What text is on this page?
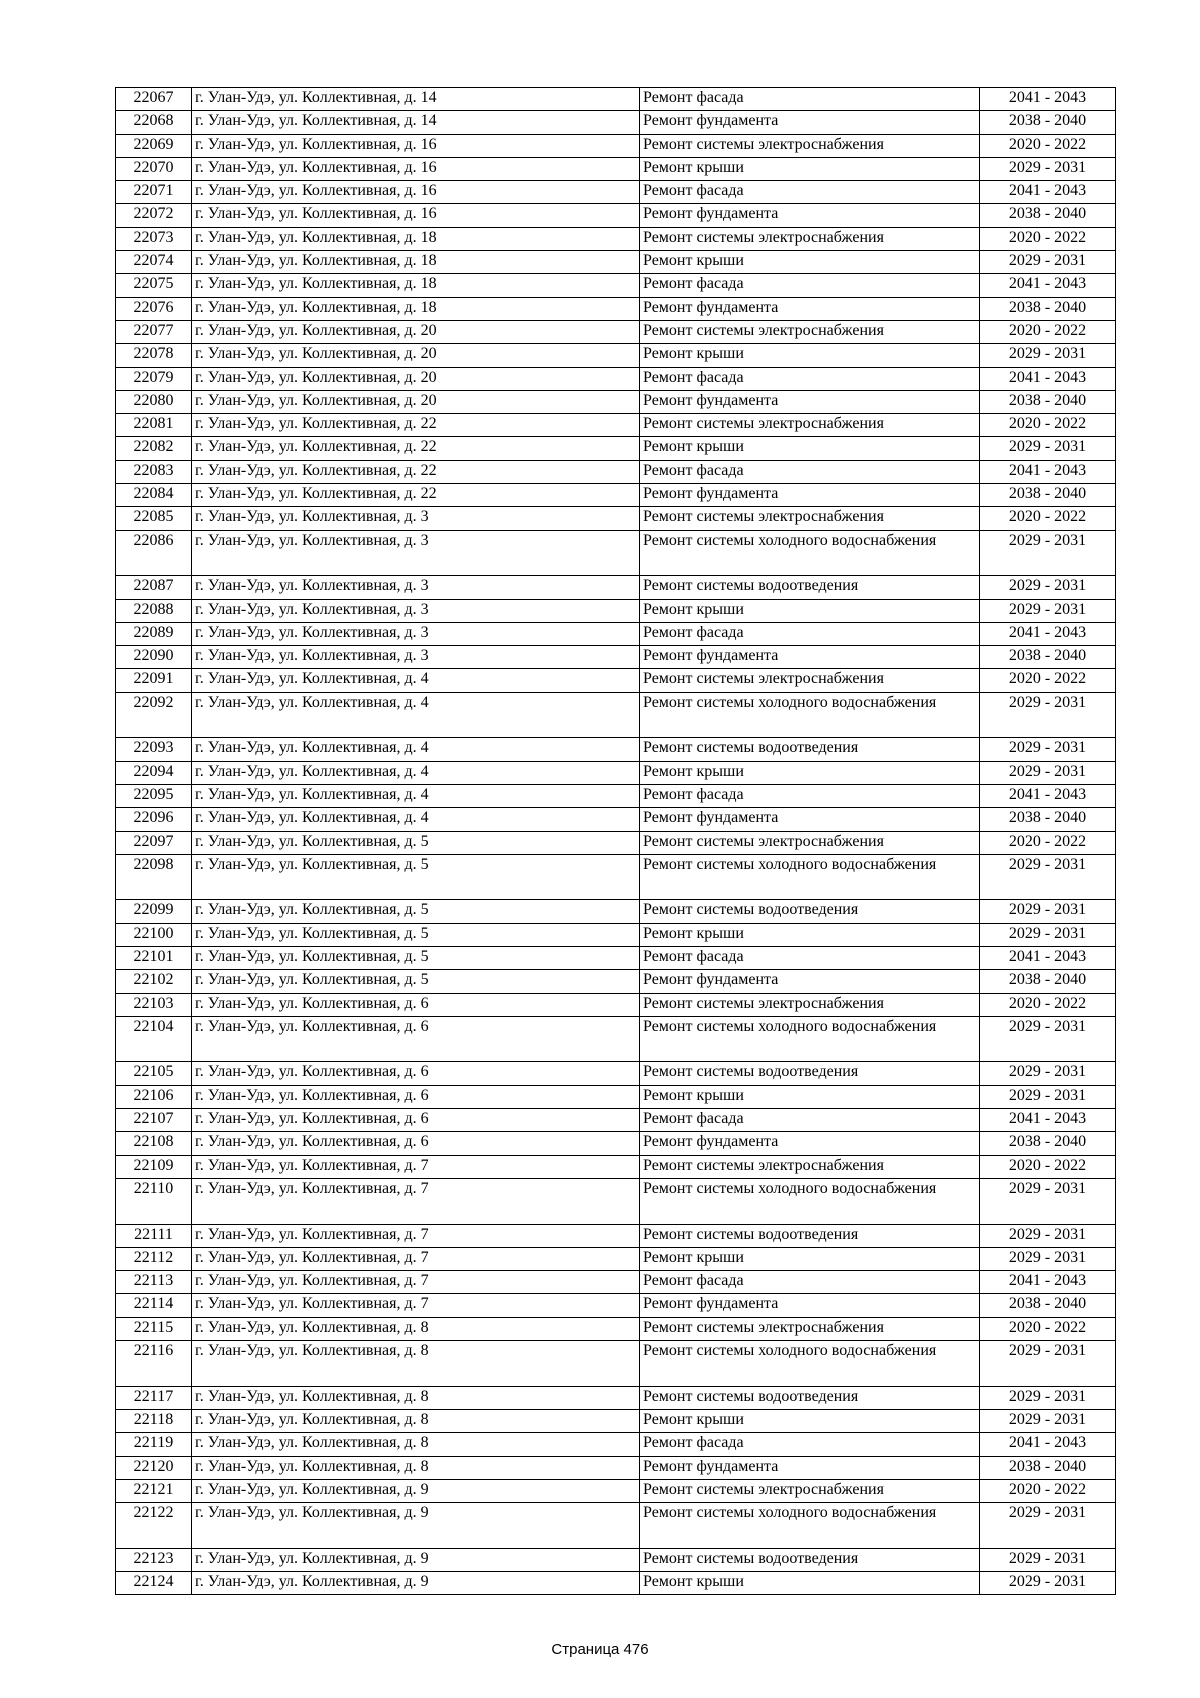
22067	г. Улан-Удэ, ул. Коллективная, д. 14	Ремонт фасада	2041 - 2043
22068	г. Улан-Удэ, ул. Коллективная, д. 14	Ремонт фундамента	2038 - 2040
22069	г. Улан-Удэ, ул. Коллективная, д. 16	Ремонт системы электроснабжения	2020 - 2022
22070	г. Улан-Удэ, ул. Коллективная, д. 16	Ремонт крыши	2029 - 2031
22071	г. Улан-Удэ, ул. Коллективная, д. 16	Ремонт фасада	2041 - 2043
22072	г. Улан-Удэ, ул. Коллективная, д. 16	Ремонт фундамента	2038 - 2040
22073	г. Улан-Удэ, ул. Коллективная, д. 18	Ремонт системы электроснабжения	2020 - 2022
22074	г. Улан-Удэ, ул. Коллективная, д. 18	Ремонт крыши	2029 - 2031
22075	г. Улан-Удэ, ул. Коллективная, д. 18	Ремонт фасада	2041 - 2043
22076	г. Улан-Удэ, ул. Коллективная, д. 18	Ремонт фундамента	2038 - 2040
22077	г. Улан-Удэ, ул. Коллективная, д. 20	Ремонт системы электроснабжения	2020 - 2022
22078	г. Улан-Удэ, ул. Коллективная, д. 20	Ремонт крыши	2029 - 2031
22079	г. Улан-Удэ, ул. Коллективная, д. 20	Ремонт фасада	2041 - 2043
22080	г. Улан-Удэ, ул. Коллективная, д. 20	Ремонт фундамента	2038 - 2040
22081	г. Улан-Удэ, ул. Коллективная, д. 22	Ремонт системы электроснабжения	2020 - 2022
22082	г. Улан-Удэ, ул. Коллективная, д. 22	Ремонт крыши	2029 - 2031
22083	г. Улан-Удэ, ул. Коллективная, д. 22	Ремонт фасада	2041 - 2043
22084	г. Улан-Удэ, ул. Коллективная, д. 22	Ремонт фундамента	2038 - 2040
22085	г. Улан-Удэ, ул. Коллективная, д. 3	Ремонт системы электроснабжения	2020 - 2022
22086	г. Улан-Удэ, ул. Коллективная, д. 3	Ремонт системы холодного водоснабжения	2029 - 2031
22087	г. Улан-Удэ, ул. Коллективная, д. 3	Ремонт системы водоотведения	2029 - 2031
22088	г. Улан-Удэ, ул. Коллективная, д. 3	Ремонт крыши	2029 - 2031
22089	г. Улан-Удэ, ул. Коллективная, д. 3	Ремонт фасада	2041 - 2043
22090	г. Улан-Удэ, ул. Коллективная, д. 3	Ремонт фундамента	2038 - 2040
22091	г. Улан-Удэ, ул. Коллективная, д. 4	Ремонт системы электроснабжения	2020 - 2022
22092	г. Улан-Удэ, ул. Коллективная, д. 4	Ремонт системы холодного водоснабжения	2029 - 2031
22093	г. Улан-Удэ, ул. Коллективная, д. 4	Ремонт системы водоотведения	2029 - 2031
22094	г. Улан-Удэ, ул. Коллективная, д. 4	Ремонт крыши	2029 - 2031
22095	г. Улан-Удэ, ул. Коллективная, д. 4	Ремонт фасада	2041 - 2043
22096	г. Улан-Удэ, ул. Коллективная, д. 4	Ремонт фундамента	2038 - 2040
22097	г. Улан-Удэ, ул. Коллективная, д. 5	Ремонт системы электроснабжения	2020 - 2022
22098	г. Улан-Удэ, ул. Коллективная, д. 5	Ремонт системы холодного водоснабжения	2029 - 2031
22099	г. Улан-Удэ, ул. Коллективная, д. 5	Ремонт системы водоотведения	2029 - 2031
22100	г. Улан-Удэ, ул. Коллективная, д. 5	Ремонт крыши	2029 - 2031
22101	г. Улан-Удэ, ул. Коллективная, д. 5	Ремонт фасада	2041 - 2043
22102	г. Улан-Удэ, ул. Коллективная, д. 5	Ремонт фундамента	2038 - 2040
22103	г. Улан-Удэ, ул. Коллективная, д. 6	Ремонт системы электроснабжения	2020 - 2022
22104	г. Улан-Удэ, ул. Коллективная, д. 6	Ремонт системы холодного водоснабжения	2029 - 2031
22105	г. Улан-Удэ, ул. Коллективная, д. 6	Ремонт системы водоотведения	2029 - 2031
22106	г. Улан-Удэ, ул. Коллективная, д. 6	Ремонт крыши	2029 - 2031
22107	г. Улан-Удэ, ул. Коллективная, д. 6	Ремонт фасада	2041 - 2043
22108	г. Улан-Удэ, ул. Коллективная, д. 6	Ремонт фундамента	2038 - 2040
22109	г. Улан-Удэ, ул. Коллективная, д. 7	Ремонт системы электроснабжения	2020 - 2022
22110	г. Улан-Удэ, ул. Коллективная, д. 7	Ремонт системы холодного водоснабжения	2029 - 2031
22111	г. Улан-Удэ, ул. Коллективная, д. 7	Ремонт системы водоотведения	2029 - 2031
22112	г. Улан-Удэ, ул. Коллективная, д. 7	Ремонт крыши	2029 - 2031
22113	г. Улан-Удэ, ул. Коллективная, д. 7	Ремонт фасада	2041 - 2043
22114	г. Улан-Удэ, ул. Коллективная, д. 7	Ремонт фундамента	2038 - 2040
22115	г. Улан-Удэ, ул. Коллективная, д. 8	Ремонт системы электроснабжения	2020 - 2022
22116	г. Улан-Удэ, ул. Коллективная, д. 8	Ремонт системы холодного водоснабжения	2029 - 2031
22117	г. Улан-Удэ, ул. Коллективная, д. 8	Ремонт системы водоотведения	2029 - 2031
22118	г. Улан-Удэ, ул. Коллективная, д. 8	Ремонт крыши	2029 - 2031
22119	г. Улан-Удэ, ул. Коллективная, д. 8	Ремонт фасада	2041 - 2043
22120	г. Улан-Удэ, ул. Коллективная, д. 8	Ремонт фундамента	2038 - 2040
22121	г. Улан-Удэ, ул. Коллективная, д. 9	Ремонт системы электроснабжения	2020 - 2022
22122	г. Улан-Удэ, ул. Коллективная, д. 9	Ремонт системы холодного водоснабжения	2029 - 2031
22123	г. Улан-Удэ, ул. Коллективная, д. 9	Ремонт системы водоотведения	2029 - 2031
22124	г. Улан-Удэ, ул. Коллективная, д. 9	Ремонт крыши	2029 - 2031
Страница 476
